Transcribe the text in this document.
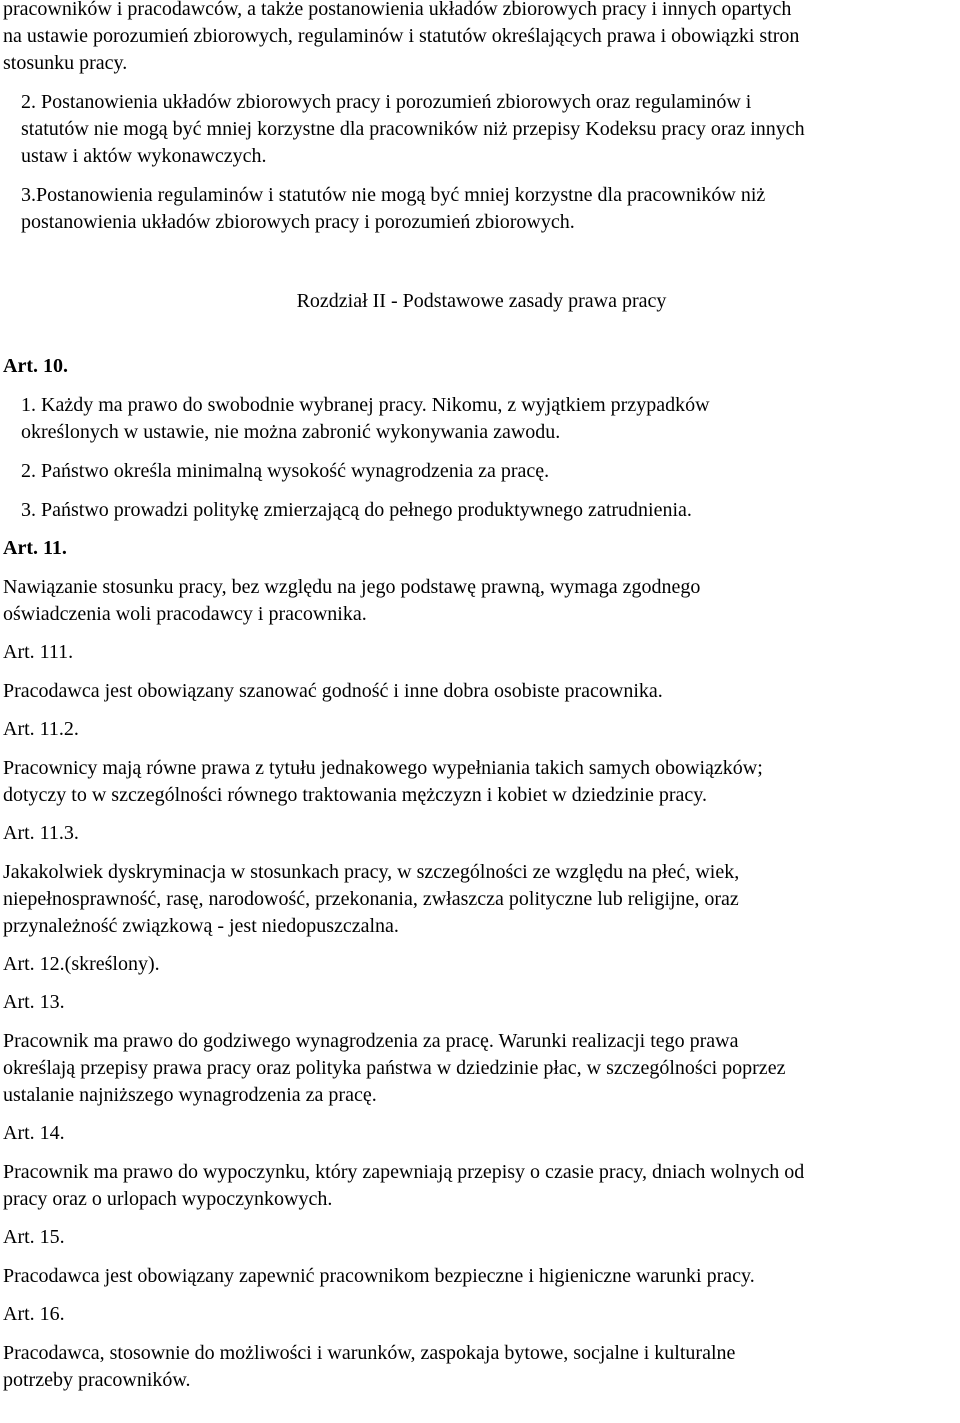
pracowników i pracodawców, a także postanowienia układów zbiorowych pracy i innych opartych
na ustawie porozumień zbiorowych, regulaminów i statutów określających prawa i obowiązki stron
stosunku pracy.

2. Postanowienia układów zbiorowych pracy i porozumień zbiorowych oraz regulaminów i
statutów nie mogą być mniej korzystne dla pracowników niż przepisy Kodeksu pracy oraz innych
ustaw i aktów wykonawczych.

3.Postanowienia regulaminów i statutów nie mogą być mniej korzystne dla pracowników niż
postanowienia układów zbiorowych pracy i porozumień zbiorowych.

Rozdział II - Podstawowe zasady prawa pracy

Art. 10.

1. Każdy ma prawo do swobodnie wybranej pracy. Nikomu, z wyjątkiem przypadków
określonych w ustawie, nie można zabronić wykonywania zawodu.

2. Państwo określa minimalną wysokość wynagrodzenia za pracę.

3. Państwo prowadzi politykę zmierzającą do pełnego produktywnego zatrudnienia.

Art. 11.

Nawiązanie stosunku pracy, bez względu na jego podstawę prawną, wymaga zgodnego
oświadczenia woli pracodawcy i pracownika.

Art. 111.

Pracodawca jest obowiązany szanować godność i inne dobra osobiste pracownika.

Art. 11.2.

Pracownicy mają równe prawa z tytułu jednakowego wypełniania takich samych obowiązków;
dotyczy to w szczególności równego traktowania mężczyzn i kobiet w dziedzinie pracy.

Art. 11.3.

Jakakolwiek dyskryminacja w stosunkach pracy, w szczególności ze względu na płeć, wiek,
niepełnosprawność, rasę, narodowość, przekonania, zwłaszcza polityczne lub religijne, oraz
przynależność związkową - jest niedopuszczalna.

Art. 12.(skreślony).

Art. 13.

Pracownik ma prawo do godziwego wynagrodzenia za pracę. Warunki realizacji tego prawa
określają przepisy prawa pracy oraz polityka państwa w dziedzinie płac, w szczególności poprzez
ustalanie najniższego wynagrodzenia za pracę.

Art. 14.

Pracownik ma prawo do wypoczynku, który zapewniają przepisy o czasie pracy, dniach wolnych od
pracy oraz o urlopach wypoczynkowych.

Art. 15.

Pracodawca jest obowiązany zapewnić pracownikom bezpieczne i higieniczne warunki pracy.

Art. 16.

Pracodawca, stosownie do możliwości i warunków, zaspokaja bytowe, socjalne i kulturalne
potrzeby pracowników.
